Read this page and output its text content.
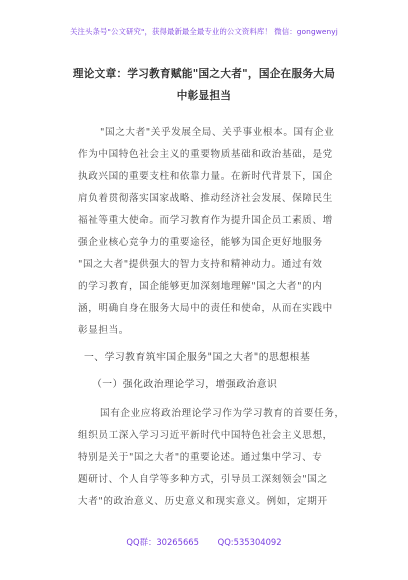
关注头条号"公文研究"，获得最新最全最专业的公文资料库！ 微信：gongwenyj
理论文章：学习教育赋能"国之大者"，国企在服务大局
中彰显担当
"国之大者"关乎发展全局、关乎事业根本。国有企业
作为中国特色社会主义的重要物质基础和政治基础，是党
执政兴国的重要支柱和依靠力量。在新时代背景下，国企
肩负着贯彻落实国家战略、推动经济社会发展、保障民生
福祉等重大使命。而学习教育作为提升国企员工素质、增
强企业核心竞争力的重要途径，能够为国企更好地服务
"国之大者"提供强大的智力支持和精神动力。通过有效
的学习教育，国企能够更加深刻地理解"国之大者"的内
涵，明确自身在服务大局中的责任和使命，从而在实践中
彰显担当。
一、学习教育筑牢国企服务"国之大者"的思想根基
（一）强化政治理论学习，增强政治意识
国有企业应将政治理论学习作为学习教育的首要任务，
组织员工深入学习习近平新时代中国特色社会主义思想，
特别是关于"国之大者"的重要论述。通过集中学习、专
题研讨、个人自学等多种方式，引导员工深刻领会"国之
大者"的政治意义、历史意义和现实意义。例如，定期开
QQ群：30265665 QQ:535304092
